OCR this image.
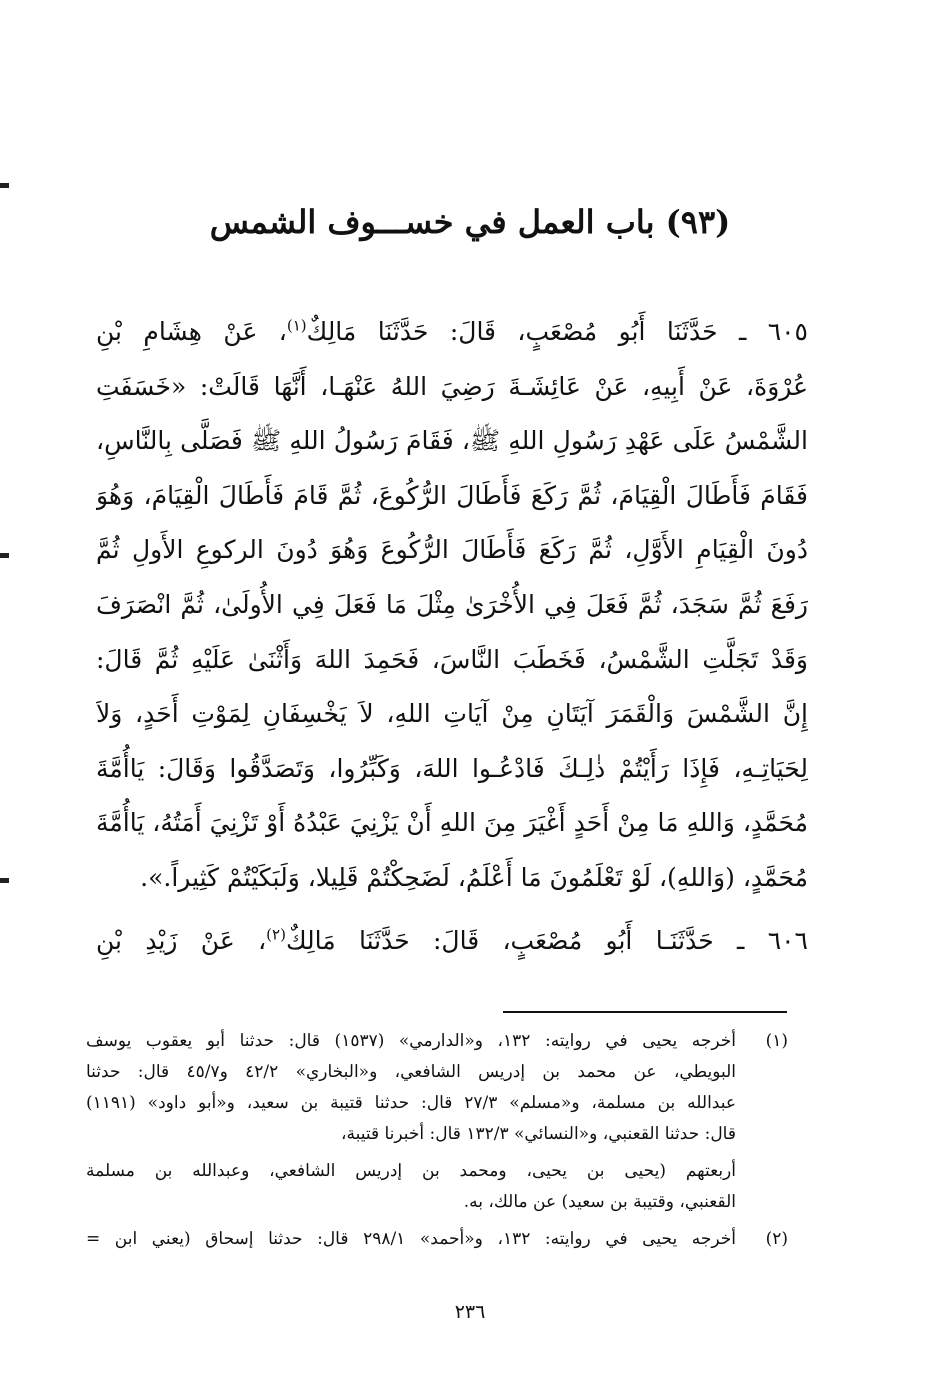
(٩٣) باب العمل في خســـوف الشمس
٦٠٥ ـ حَدَّثَنَا أَبُو مُصْعَبٍ، قَالَ: حَدَّثَنَا مَالِكٌ$^{(١)}$، عَنْ هِشَامِ بْنِ
عُرْوَةَ، عَنْ أَبِيهِ، عَنْ عَائِشَـةَ رَضِيَ اللهُ عَنْهَـا، أَنَّهَا قَالَتْ: «خَسَفَتِ
الشَّمْسُ عَلَى عَهْدِ رَسُولِ اللهِ ﷺ، فَقَامَ رَسُولُ اللهِ ﷺ فَصَلَّى بِالنَّاسِ،
فَقَامَ فَأَطَالَ الْقِيَامَ، ثُمَّ رَكَعَ فَأَطَالَ الرُّكُوعَ، ثُمَّ قَامَ فَأَطَالَ الْقِيَامَ، وَهُوَ
دُونَ الْقِيَامِ الأَوَّلِ، ثُمَّ رَكَعَ فَأَطَالَ الرُّكُوعَ وَهُوَ دُونَ الركوعِ الأَولِ ثُمَّ
رَفَعَ ثُمَّ سَجَدَ، ثُمَّ فَعَلَ فِي الأُخْرَىٰ مِثْلَ مَا فَعَلَ فِي الأُولَىٰ، ثُمَّ انْصَرَفَ
وَقَدْ تَجَلَّتِ الشَّمْسُ، فَخَطَبَ النَّاسَ، فَحَمِدَ اللهَ وَأَثْنَىٰ عَلَيْهِ ثُمَّ قَالَ:
إِنَّ الشَّمْسَ وَالْقَمَرَ آيَتَانِ مِنْ آيَاتِ اللهِ، لاَ يَخْسِفَانِ لِمَوْتِ أَحَدٍ، وَلاَ
لِحَيَاتِـهِ، فَإِذَا رَأَيْتُمْ ذٰلِـكَ فَادْعُـوا اللهَ، وَكَبِّرُوا، وَتَصَدَّقُوا وَقَالَ: يَاأُمَّةَ
مُحَمَّدٍ، وَاللهِ مَا مِنْ أَحَدٍ أَغْيَرَ مِنَ اللهِ أَنْ يَزْنِيَ عَبْدُهُ أَوْ تَزْنِيَ أَمَتُهُ، يَاأُمَّةَ
مُحَمَّدٍ، (وَاللهِ)، لَوْ تَعْلَمُونَ مَا أَعْلَمُ، لَضَحِكْتُمْ قَلِيلا، وَلَبَكَيْتُمْ كَثِيراً.».
٦٠٦ ـ حَدَّثَنَـا أَبُو مُصْعَبٍ، قَالَ: حَدَّثَنَا مَالِكٌ$^{(٢)}$، عَنْ زَيْدِ بْنِ
(١)
أخرجه يحيى في روايته: ١٣٢، و«الدارمي» (١٥٣٧) قال: حدثنا أبو يعقوب يوسف
البويطي، عن محمد بن إدريس الشافعي، و«البخاري» ٤٢/٢ و٤٥/٧ قال: حدثنا
عبدالله بن مسلمة، و«مسلم» ٢٧/٣ قال: حدثنا قتيبة بن سعيد، و«أبو داود» (١١٩١)
قال: حدثنا القعنبي، و«النسائي» ١٣٢/٣ قال: أخبرنا قتيبة،
أربعتهم (يحيى بن يحيى، ومحمد بن إدريس الشافعي، وعبدالله بن مسلمة
القعنبي، وقتيبة بن سعيد) عن مالك، به.
(٢)
أخرجه يحيى في روايته: ١٣٢، و«أحمد» ٢٩٨/١ قال: حدثنا إسحاق (يعني ابن =
٢٣٦
